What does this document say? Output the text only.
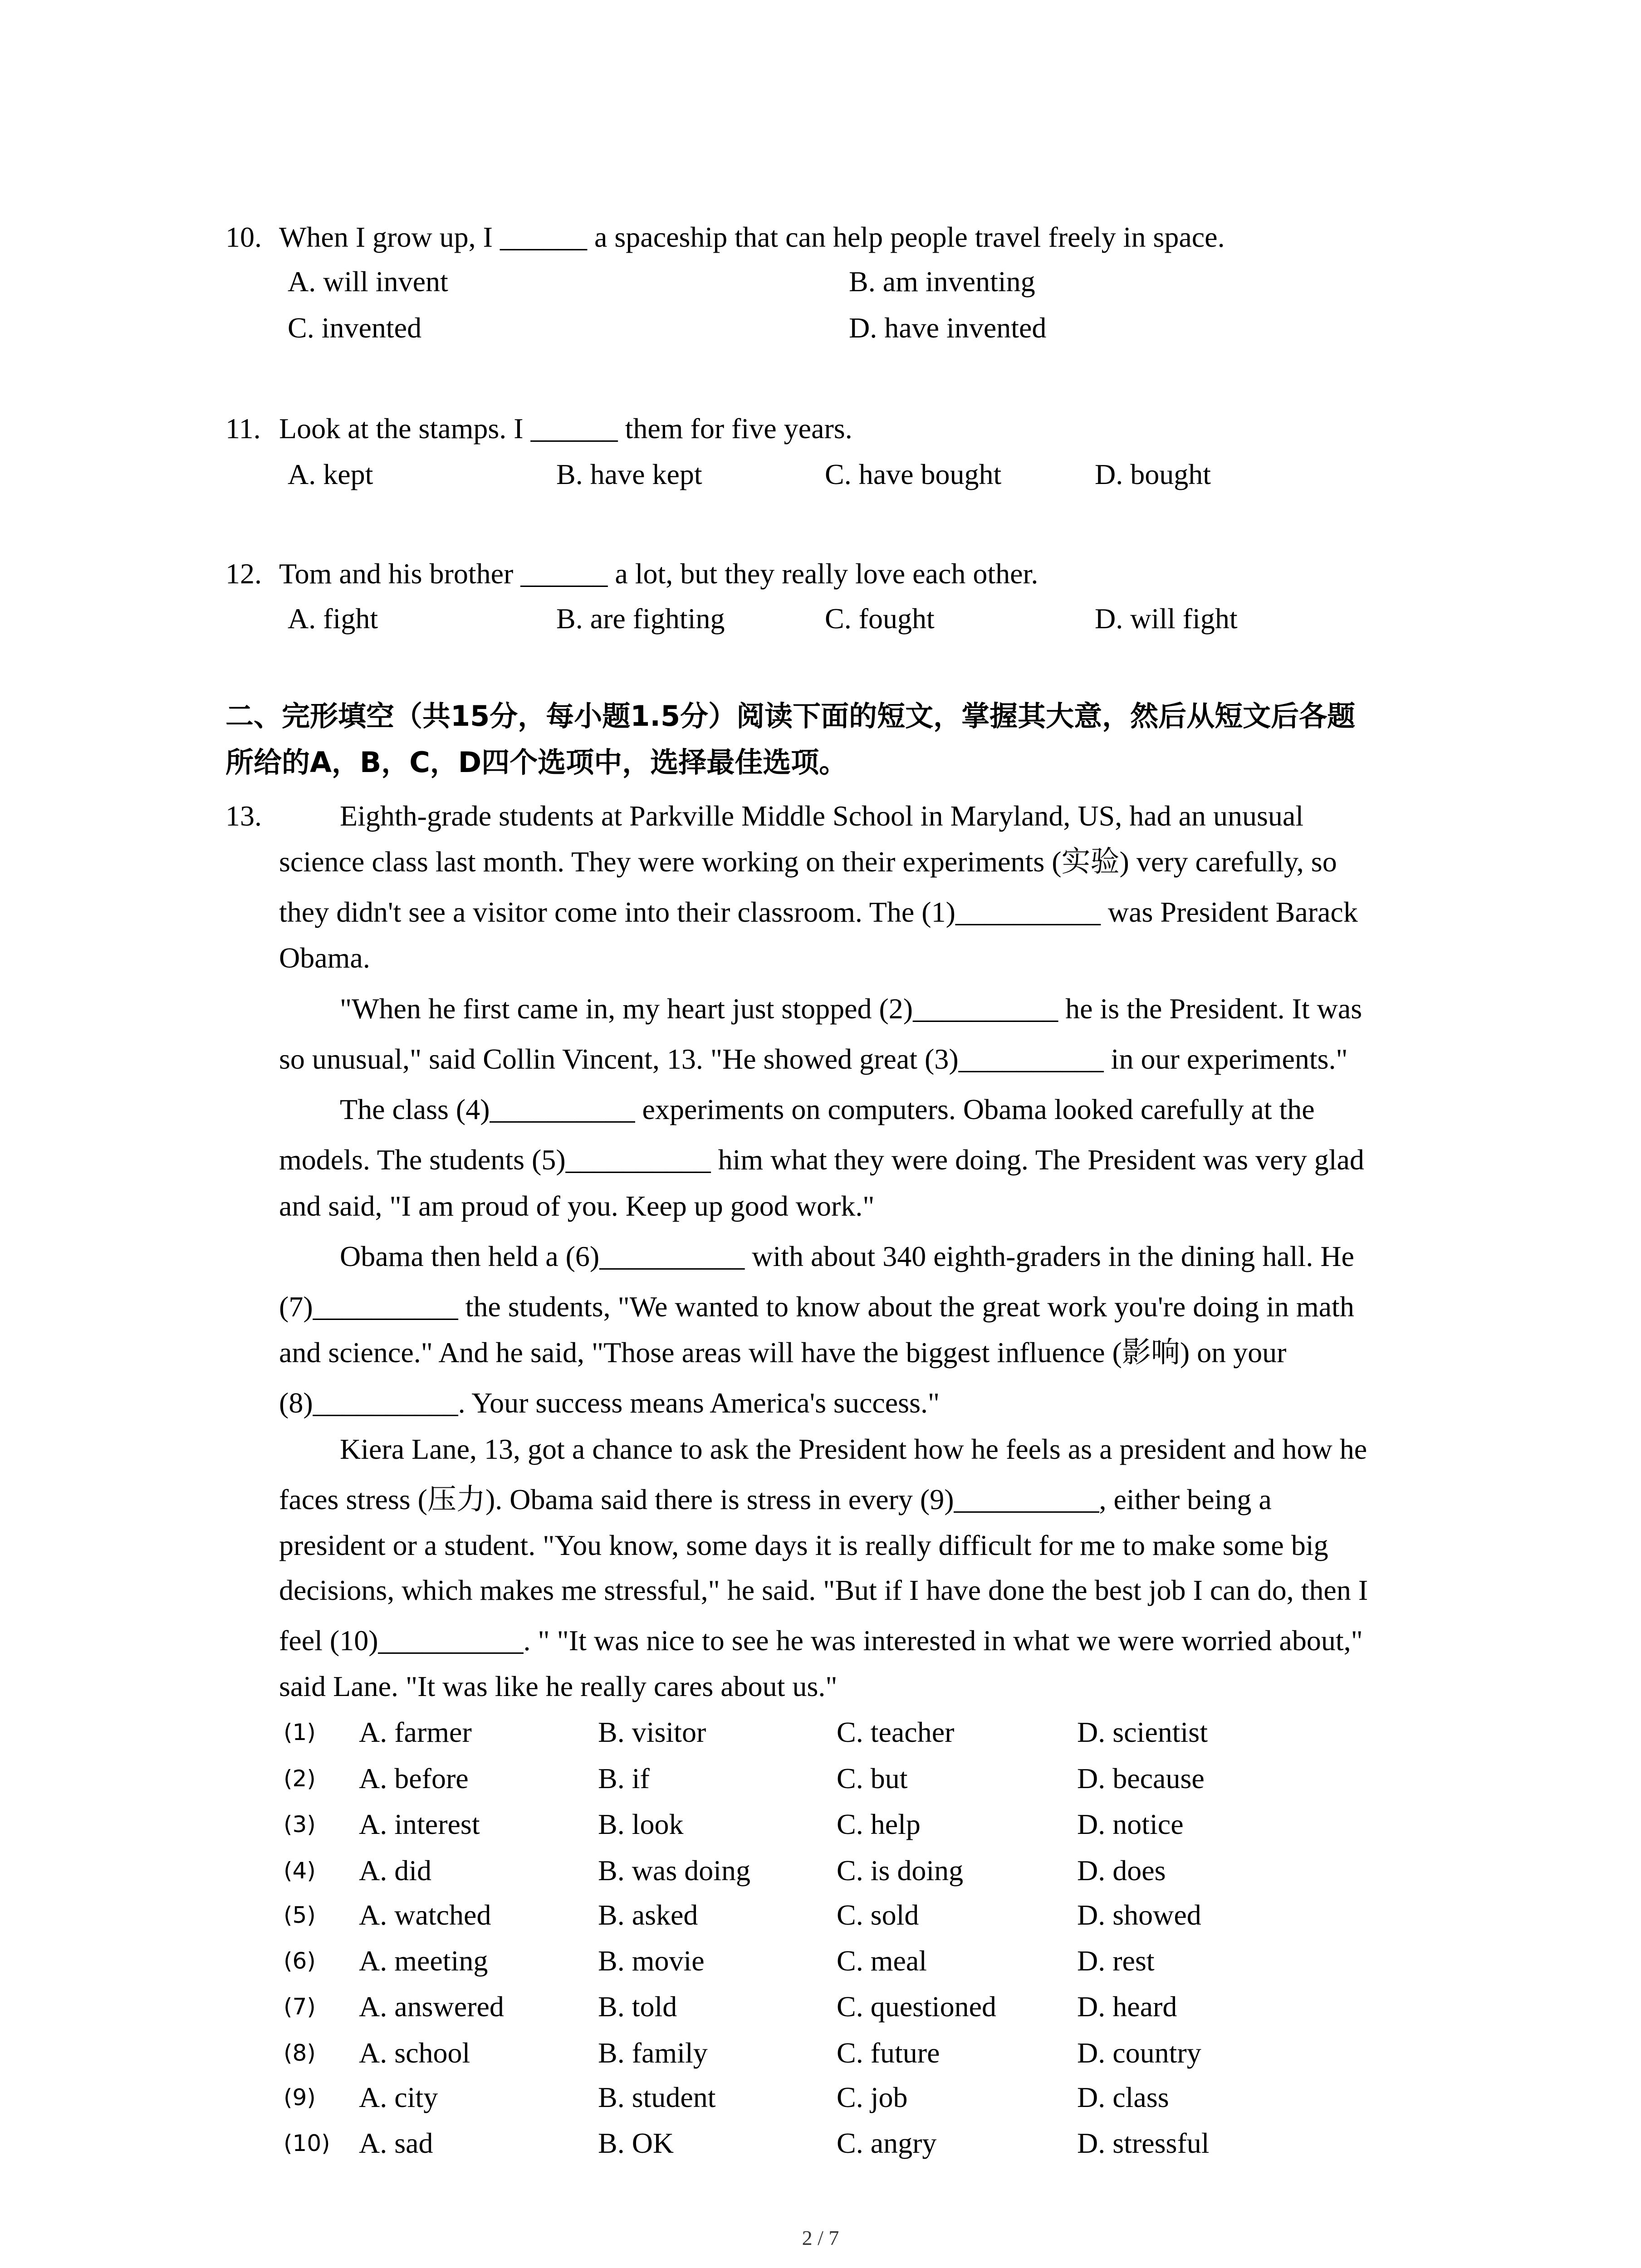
10. When I grow up, I ______ a spaceship that can help people travel freely in space.
A. will invent	B. am inventing
C. invented	D. have invented
11. Look at the stamps. I ______ them for five years.
A. kept	B. have kept	C. have bought	D. bought
12. Tom and his brother ______ a lot, but they really love each other.
A. fight	B. are fighting	C. fought	D. will fight
二、完形填空（共15分，每小题1.5分）阅读下面的短文，掌握其大意，然后从短文后各题
所给的A，B，C，D四个选项中，选择最佳选项。
13.	Eighth-grade students at Parkville Middle School in Maryland, US, had an unusual
science class last month. They were working on their experiments (实验) very carefully, so
they didn't see a visitor come into their classroom. The (1)__________ was President Barack
Obama.
"When he first came in, my heart just stopped (2)__________ he is the President. It was
so unusual," said Collin Vincent, 13. "He showed great (3)__________ in our experiments."
The class (4)__________ experiments on computers. Obama looked carefully at the
models. The students (5)__________ him what they were doing. The President was very glad
and said, "I am proud of you. Keep up good work."
Obama then held a (6)__________ with about 340 eighth-graders in the dining hall. He
(7)__________ the students, "We wanted to know about the great work you're doing in math
and science." And he said, "Those areas will have the biggest influence (影响) on your
(8)__________. Your success means America's success."
Kiera Lane, 13, got a chance to ask the President how he feels as a president and how he
faces stress (压力). Obama said there is stress in every (9)__________, either being a
president or a student. "You know, some days it is really difficult for me to make some big
decisions, which makes me stressful," he said. "But if I have done the best job I can do, then I
feel (10)__________. " "It was nice to see he was interested in what we were worried about,"
said Lane. "It was like he really cares about us."
(1) A. farmer	B. visitor	C. teacher	D. scientist
(2) A. before	B. if	C. but	D. because
(3) A. interest	B. look	C. help	D. notice
(4) A. did	B. was doing	C. is doing	D. does
(5) A. watched	B. asked	C. sold	D. showed
(6) A. meeting	B. movie	C. meal	D. rest
(7) A. answered	B. told	C. questioned	D. heard
(8) A. school	B. family	C. future	D. country
(9) A. city	B. student	C. job	D. class
(10) A. sad	B. OK	C. angry	D. stressful
2 / 7
